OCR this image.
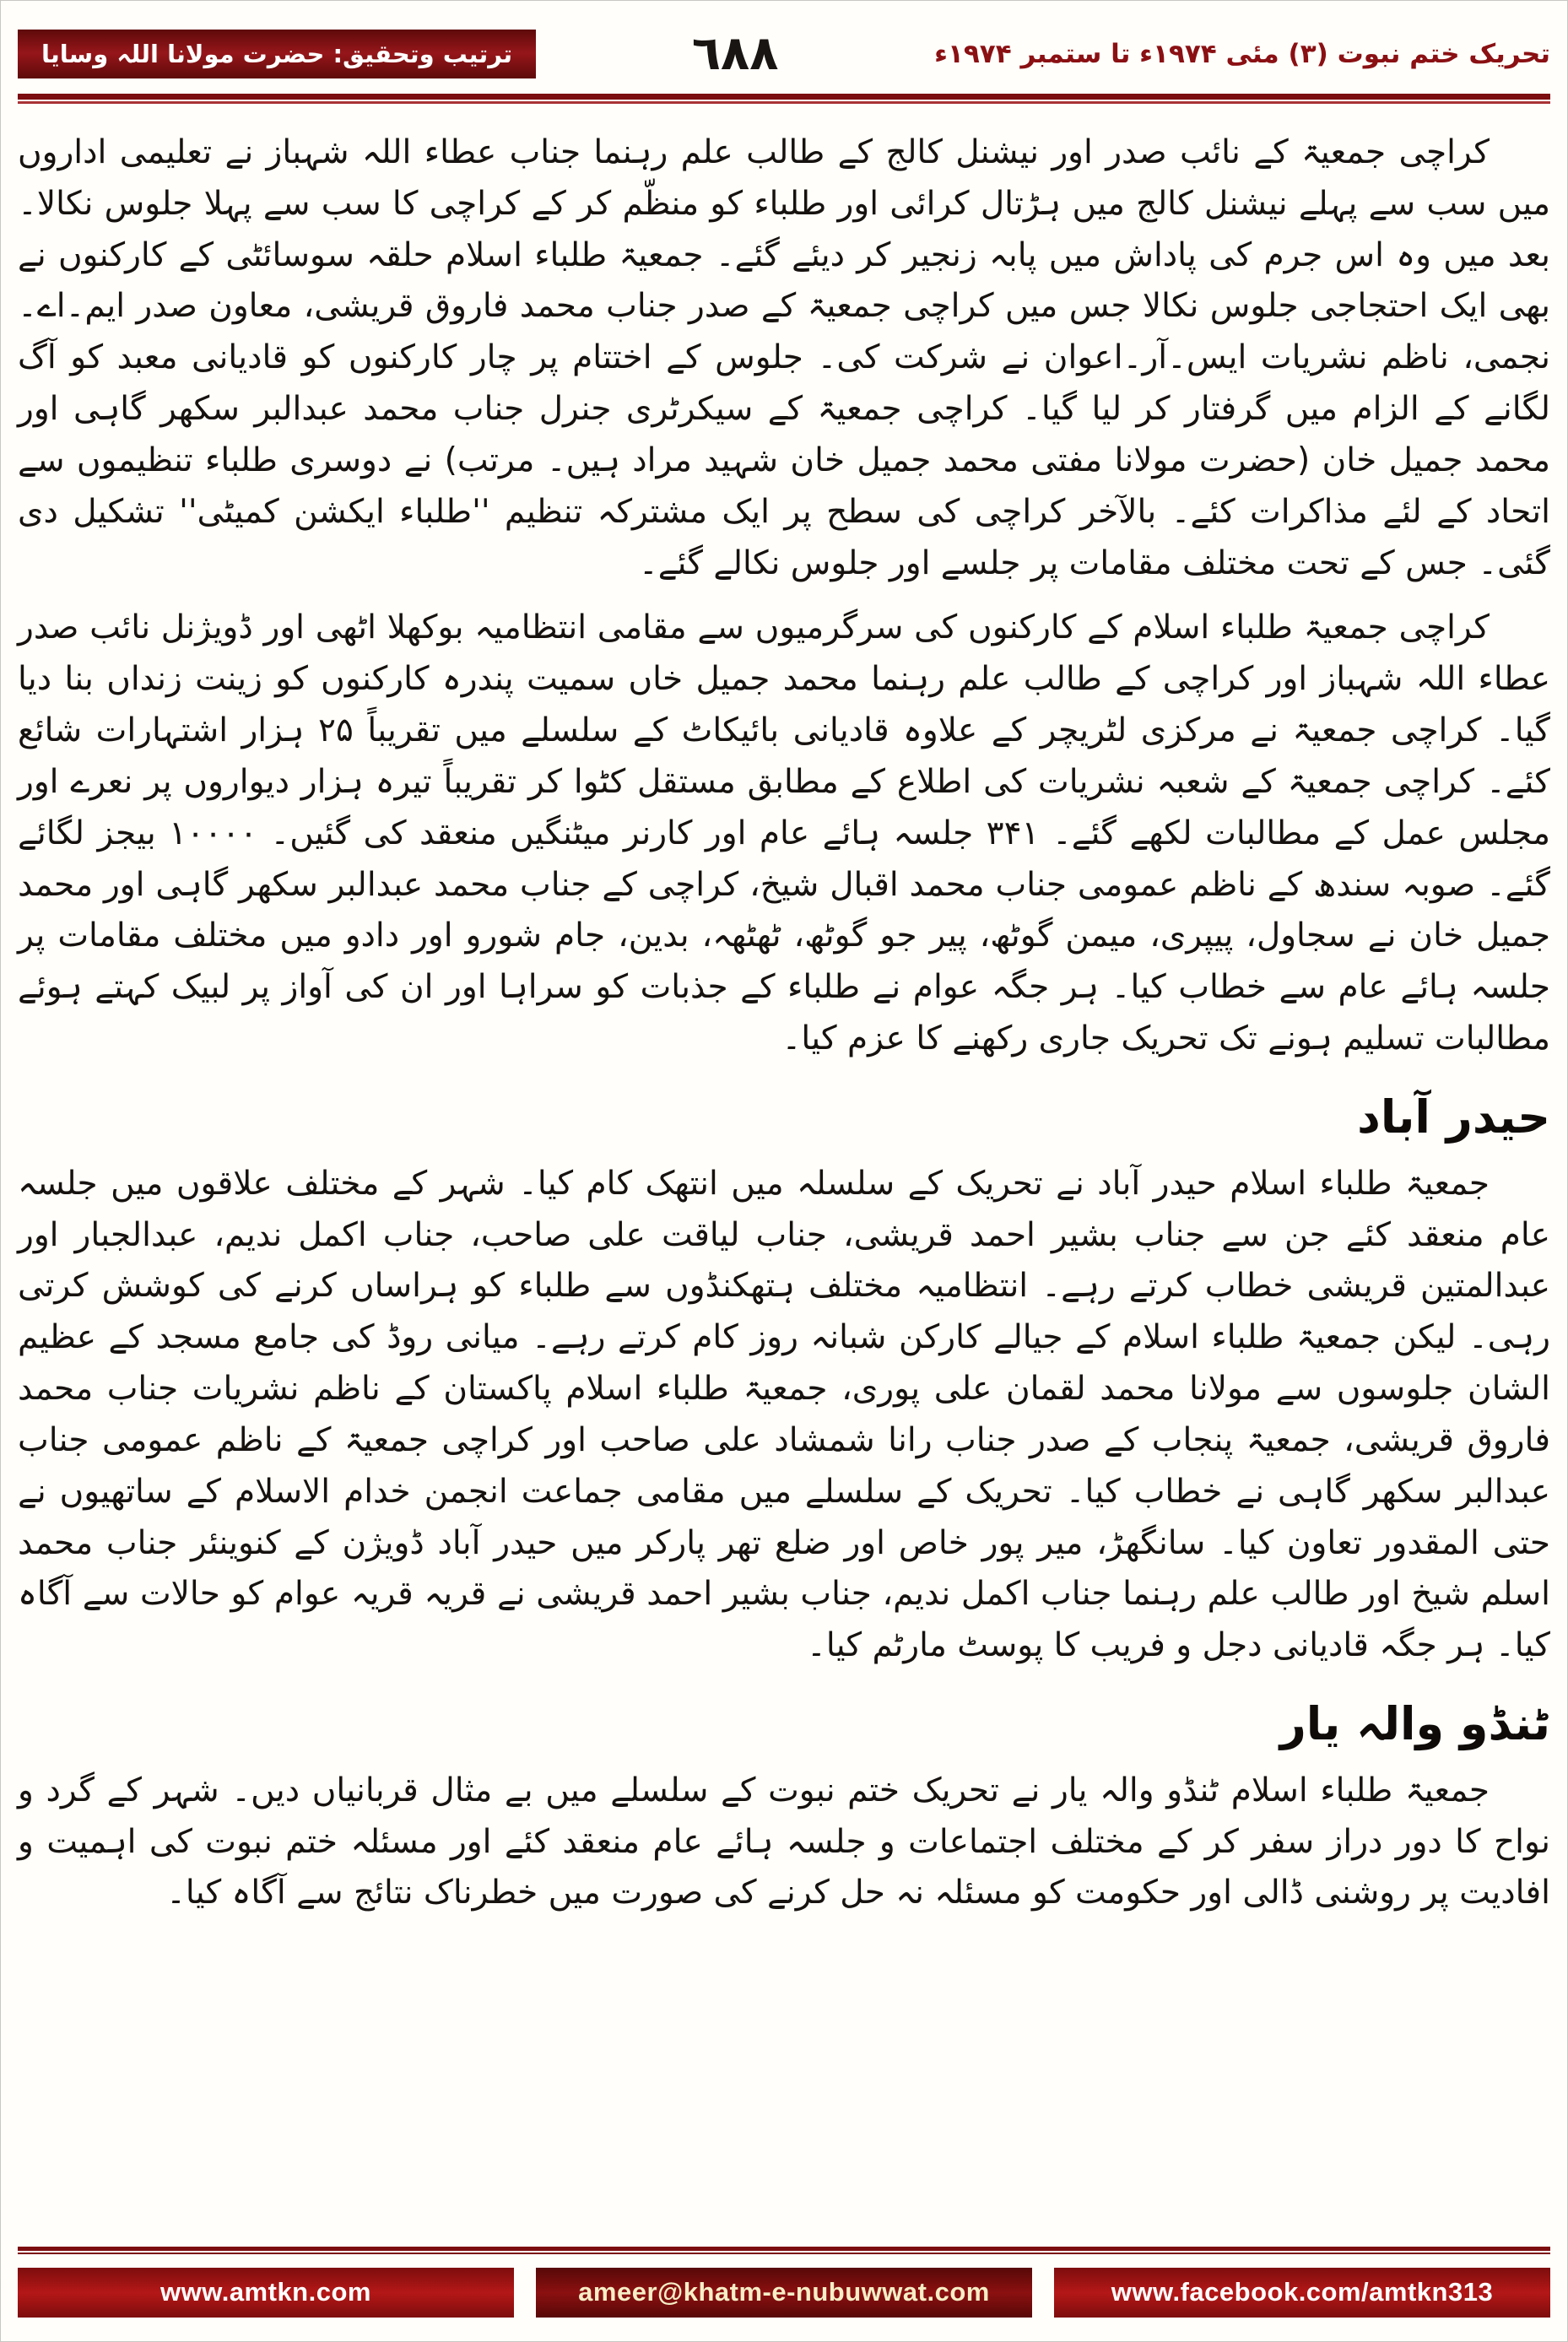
تحریک ختم نبوت (۳) مئی ۱۹۷۴ء تا ستمبر ۱۹۷۴ء
٦٨٨
ترتیب وتحقیق: حضرت مولانا اللہ وسایا

کراچی جمعیۃ کے نائب صدر اور نیشنل کالج کے طالب علم رہنما جناب عطاء اللہ شہباز نے تعلیمی اداروں میں سب سے پہلے نیشنل کالج میں ہڑتال کرائی اور طلباء کو منظّم کر کے کراچی کا سب سے پہلا جلوس نکالا۔ بعد میں وہ اس جرم کی پاداش میں پابہ زنجیر کر دیئے گئے۔ جمعیۃ طلباء اسلام حلقہ سوسائٹی کے کارکنوں نے بھی ایک احتجاجی جلوس نکالا جس میں کراچی جمعیۃ کے صدر جناب محمد فاروق قریشی، معاون صدر ایم۔اے۔نجمی، ناظم نشریات ایس۔آر۔اعوان نے شرکت کی۔ جلوس کے اختتام پر چار کارکنوں کو قادیانی معبد کو آگ لگانے کے الزام میں گرفتار کر لیا گیا۔ کراچی جمعیۃ کے سیکرٹری جنرل جناب محمد عبدالبر سکھر گاہی اور محمد جمیل خان (حضرت مولانا مفتی محمد جمیل خان شہید مراد ہیں۔ مرتب) نے دوسری طلباء تنظیموں سے اتحاد کے لئے مذاکرات کئے۔ بالآخر کراچی کی سطح پر ایک مشترکہ تنظیم ''طلباء ایکشن کمیٹی'' تشکیل دی گئی۔ جس کے تحت مختلف مقامات پر جلسے اور جلوس نکالے گئے۔

کراچی جمعیۃ طلباء اسلام کے کارکنوں کی سرگرمیوں سے مقامی انتظامیہ بوکھلا اٹھی اور ڈویژنل نائب صدر عطاء اللہ شہباز اور کراچی کے طالب علم رہنما محمد جمیل خاں سمیت پندرہ کارکنوں کو زینت زنداں بنا دیا گیا۔ کراچی جمعیۃ نے مرکزی لٹریچر کے علاوہ قادیانی بائیکاٹ کے سلسلے میں تقریباً ۲۵ ہزار اشتہارات شائع کئے۔ کراچی جمعیۃ کے شعبہ نشریات کی اطلاع کے مطابق مستقل کٹوا کر تقریباً تیرہ ہزار دیواروں پر نعرے اور مجلس عمل کے مطالبات لکھے گئے۔ ۳۴۱ جلسہ ہائے عام اور کارنر میٹنگیں منعقد کی گئیں۔ ۱۰۰۰۰ بیجز لگائے گئے۔ صوبہ سندھ کے ناظم عمومی جناب محمد اقبال شیخ، کراچی کے جناب محمد عبدالبر سکھر گاہی اور محمد جمیل خان نے سجاول، پیپری، میمن گوٹھ، پیر جو گوٹھ، ٹھٹھہ، بدین، جام شورو اور دادو میں مختلف مقامات پر جلسہ ہائے عام سے خطاب کیا۔ ہر جگہ عوام نے طلباء کے جذبات کو سراہا اور ان کی آواز پر لبیک کہتے ہوئے مطالبات تسلیم ہونے تک تحریک جاری رکھنے کا عزم کیا۔

حیدر آباد

جمعیۃ طلباء اسلام حیدر آباد نے تحریک کے سلسلہ میں انتھک کام کیا۔ شہر کے مختلف علاقوں میں جلسہ عام منعقد کئے جن سے جناب بشیر احمد قریشی، جناب لیاقت علی صاحب، جناب اکمل ندیم، عبدالجبار اور عبدالمتین قریشی خطاب کرتے رہے۔ انتظامیہ مختلف ہتھکنڈوں سے طلباء کو ہراساں کرنے کی کوشش کرتی رہی۔ لیکن جمعیۃ طلباء اسلام کے جیالے کارکن شبانہ روز کام کرتے رہے۔ میانی روڈ کی جامع مسجد کے عظیم الشان جلوسوں سے مولانا محمد لقمان علی پوری، جمعیۃ طلباء اسلام پاکستان کے ناظم نشریات جناب محمد فاروق قریشی، جمعیۃ پنجاب کے صدر جناب رانا شمشاد علی صاحب اور کراچی جمعیۃ کے ناظم عمومی جناب عبدالبر سکھر گاہی نے خطاب کیا۔ تحریک کے سلسلے میں مقامی جماعت انجمن خدام الاسلام کے ساتھیوں نے حتی المقدور تعاون کیا۔ سانگھڑ، میر پور خاص اور ضلع تھر پارکر میں حیدر آباد ڈویژن کے کنوینئر جناب محمد اسلم شیخ اور طالب علم رہنما جناب اکمل ندیم، جناب بشیر احمد قریشی نے قریہ قریہ عوام کو حالات سے آگاہ کیا۔ ہر جگہ قادیانی دجل و فریب کا پوسٹ مارٹم کیا۔

ٹنڈو والہ یار

جمعیۃ طلباء اسلام ٹنڈو والہ یار نے تحریک ختم نبوت کے سلسلے میں بے مثال قربانیاں دیں۔ شہر کے گرد و نواح کا دور دراز سفر کر کے مختلف اجتماعات و جلسہ ہائے عام منعقد کئے اور مسئلہ ختم نبوت کی اہمیت و افادیت پر روشنی ڈالی اور حکومت کو مسئلہ نہ حل کرنے کی صورت میں خطرناک نتائج سے آگاہ کیا۔

www.amtkn.com	ameer@khatm-e-nubuwwat.com	www.facebook.com/amtkn313
